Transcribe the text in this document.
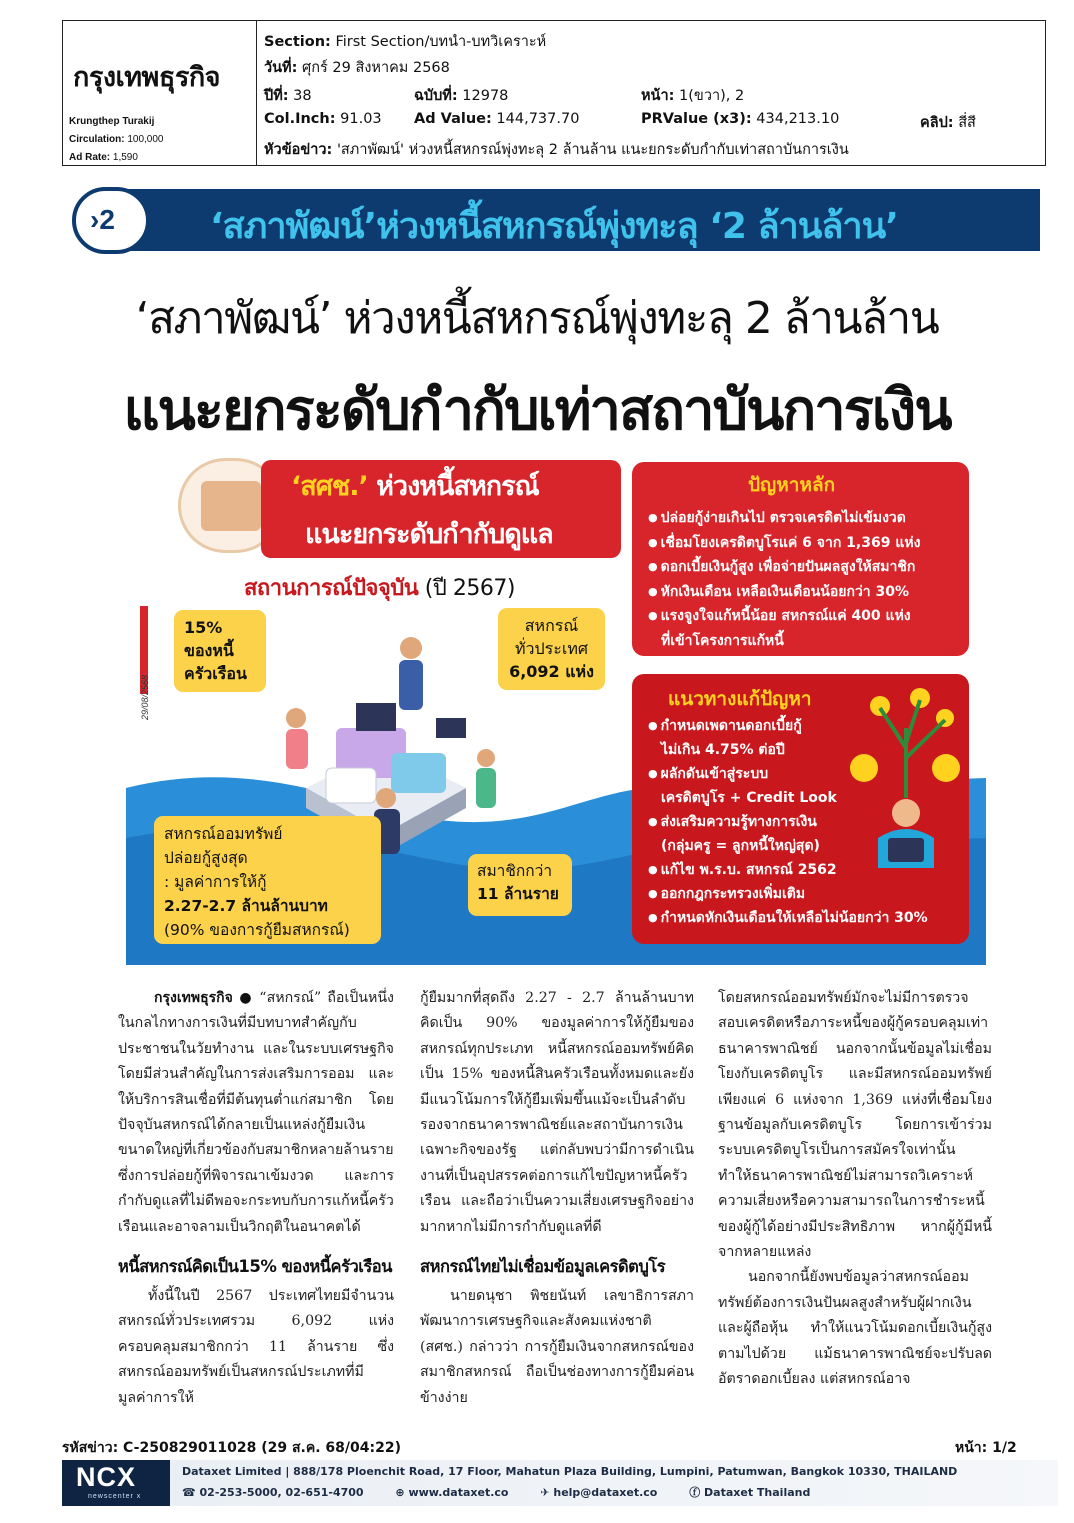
กรุงเทพธุรกิจ
Krungthep Turakij
Circulation: 100,000
Ad Rate: 1,590
Section: First Section/บทนำ-บทวิเคราะห์
วันที่: ศุกร์ 29 สิงหาคม 2568
ปีที่: 38	ฉบับที่: 12978	หน้า: 1(ขวา), 2
Col.Inch: 91.03 Ad Value: 144,737.70	PRValue (x3): 434,213.10	คลิป: สี่สี
หัวข้อข่าว: 'สภาพัฒน์' ห่วงหนี้สหกรณ์พุ่งทะลุ 2 ล้านล้าน แนะยกระดับกำกับเท่าสถาบันการเงิน
›2	‘สภาพัฒน์’ห่วงหนี้สหกรณ์พุ่งทะลุ ‘2 ล้านล้าน’
‘สภาพัฒน์’ ห่วงหนี้สหกรณ์พุ่งทะลุ 2 ล้านล้าน
แนะยกระดับกำกับเท่าสถาบันการเงิน
‘สศช.’ ห่วงหนี้สหกรณ์
แนะยกระดับกำกับดูแล
สถานการณ์ปัจจุบัน (ปี 2567)
29/08/2568
15%
ของหนี้
ครัวเรือน
สหกรณ์
ทั่วประเทศ
6,092 แห่ง
สหกรณ์ออมทรัพย์
ปล่อยกู้สูงสุด
: มูลค่าการให้กู้
2.27-2.7 ล้านล้านบาท
(90% ของการกู้ยืมสหกรณ์)
สมาชิกกว่า
11 ล้านราย
ปัญหาหลัก
● ปล่อยกู้ง่ายเกินไป ตรวจเครดิตไม่เข้มงวด
● เชื่อมโยงเครดิตบูโรแค่ 6 จาก 1,369 แห่ง
● ดอกเบี้ยเงินกู้สูง เพื่อจ่ายปันผลสูงให้สมาชิก
● หักเงินเดือน เหลือเงินเดือนน้อยกว่า 30%
● แรงจูงใจแก้หนี้น้อย สหกรณ์แค่ 400 แห่ง
ที่เข้าโครงการแก้หนี้
แนวทางแก้ปัญหา
● กำหนดเพดานดอกเบี้ยกู้
ไม่เกิน 4.75% ต่อปี
● ผลักดันเข้าสู่ระบบ
เครดิตบูโร + Credit Look
● ส่งเสริมความรู้ทางการเงิน
(กลุ่มครู = ลูกหนี้ใหญ่สุด)
● แก้ไข พ.ร.บ. สหกรณ์ 2562
● ออกกฎกระทรวงเพิ่มเติม
● กำหนดหักเงินเดือนให้เหลือไม่น้อยกว่า 30%

กรุงเทพธุรกิจ ● “สหกรณ์” ถือเป็นหนึ่งในกลไกทางการเงินที่มีบทบาทสำคัญกับประชาชนในวัยทำงาน และในระบบเศรษฐกิจ โดยมีส่วนสำคัญในการส่งเสริมการออม และให้บริการสินเชื่อที่มีต้นทุนต่ำแก่สมาชิก โดยปัจจุบันสหกรณ์ได้กลายเป็นแหล่งกู้ยืมเงินขนาดใหญ่ที่เกี่ยวข้องกับสมาชิกหลายล้านรายซึ่งการปล่อยกู้ที่พิจารณาเข้มงวด และการกำกับดูแลที่ไม่ดีพอจะกระทบกับการแก้หนี้ครัวเรือนและอาจลามเป็นวิกฤติในอนาคตได้

หนี้สหกรณ์คิดเป็น15% ของหนี้ครัวเรือน

ทั้งนี้ในปี 2567 ประเทศไทยมีจำนวนสหกรณ์ทั่วประเทศรวม 6,092 แห่ง ครอบคลุมสมาชิกกว่า 11 ล้านราย ซึ่งสหกรณ์ออมทรัพย์เป็นสหกรณ์ประเภทที่มีมูลค่าการให้

กู้ยืมมากที่สุดถึง 2.27 - 2.7 ล้านล้านบาท คิดเป็น 90% ของมูลค่าการให้กู้ยืมของสหกรณ์ทุกประเภท หนี้สหกรณ์ออมทรัพย์คิดเป็น 15% ของหนี้สินครัวเรือนทั้งหมดและยังมีแนวโน้มการให้กู้ยืมเพิ่มขึ้นแม้จะเป็นลำดับรองจากธนาคารพาณิชย์และสถาบันการเงินเฉพาะกิจของรัฐ แต่กลับพบว่ามีการดำเนินงานที่เป็นอุปสรรคต่อการแก้ไขปัญหาหนี้ครัวเรือน และถือว่าเป็นความเสี่ยงเศรษฐกิจอย่างมากหากไม่มีการกำกับดูแลที่ดี

สหกรณ์ไทยไม่เชื่อมข้อมูลเครดิตบูโร

นายดนุชา พิชยนันท์ เลขาธิการสภาพัฒนาการเศรษฐกิจและสังคมแห่งชาติ (สศช.) กล่าวว่า การกู้ยืมเงินจากสหกรณ์ของสมาชิกสหกรณ์ ถือเป็นช่องทางการกู้ยืมค่อนข้างง่าย

โดยสหกรณ์ออมทรัพย์มักจะไม่มีการตรวจสอบเครดิตหรือภาระหนี้ของผู้กู้ครอบคลุมเท่าธนาคารพาณิชย์ นอกจากนั้นข้อมูลไม่เชื่อมโยงกับเครดิตบูโร และมีสหกรณ์ออมทรัพย์เพียงแค่ 6 แห่งจาก 1,369 แห่งที่เชื่อมโยงฐานข้อมูลกับเครดิตบูโร โดยการเข้าร่วมระบบเครดิตบูโรเป็นการสมัครใจเท่านั้น ทำให้ธนาคารพาณิชย์ไม่สามารถวิเคราะห์ความเสี่ยงหรือความสามารถในการชำระหนี้ของผู้กู้ได้อย่างมีประสิทธิภาพ หากผู้กู้มีหนี้จากหลายแหล่ง

นอกจากนี้ยังพบข้อมูลว่าสหกรณ์ออมทรัพย์ต้องการเงินปันผลสูงสำหรับผู้ฝากเงินและผู้ถือหุ้น ทำให้แนวโน้มดอกเบี้ยเงินกู้สูงตามไปด้วย แม้ธนาคารพาณิชย์จะปรับลดอัตราดอกเบี้ยลง แต่สหกรณ์อาจ

รหัสข่าว: C-250829011028 (29 ส.ค. 68/04:22)	หน้า: 1/2
NCX
newscenter x
Dataxet Limited | 888/178 Ploenchit Road, 17 Floor, Mahatun Plaza Building, Lumpini, Patumwan, Bangkok 10330, THAILAND
☎ 02-253-5000, 02-651-4700	⊕ www.dataxet.co	✈ help@dataxet.co	ⓕ Dataxet Thailand
